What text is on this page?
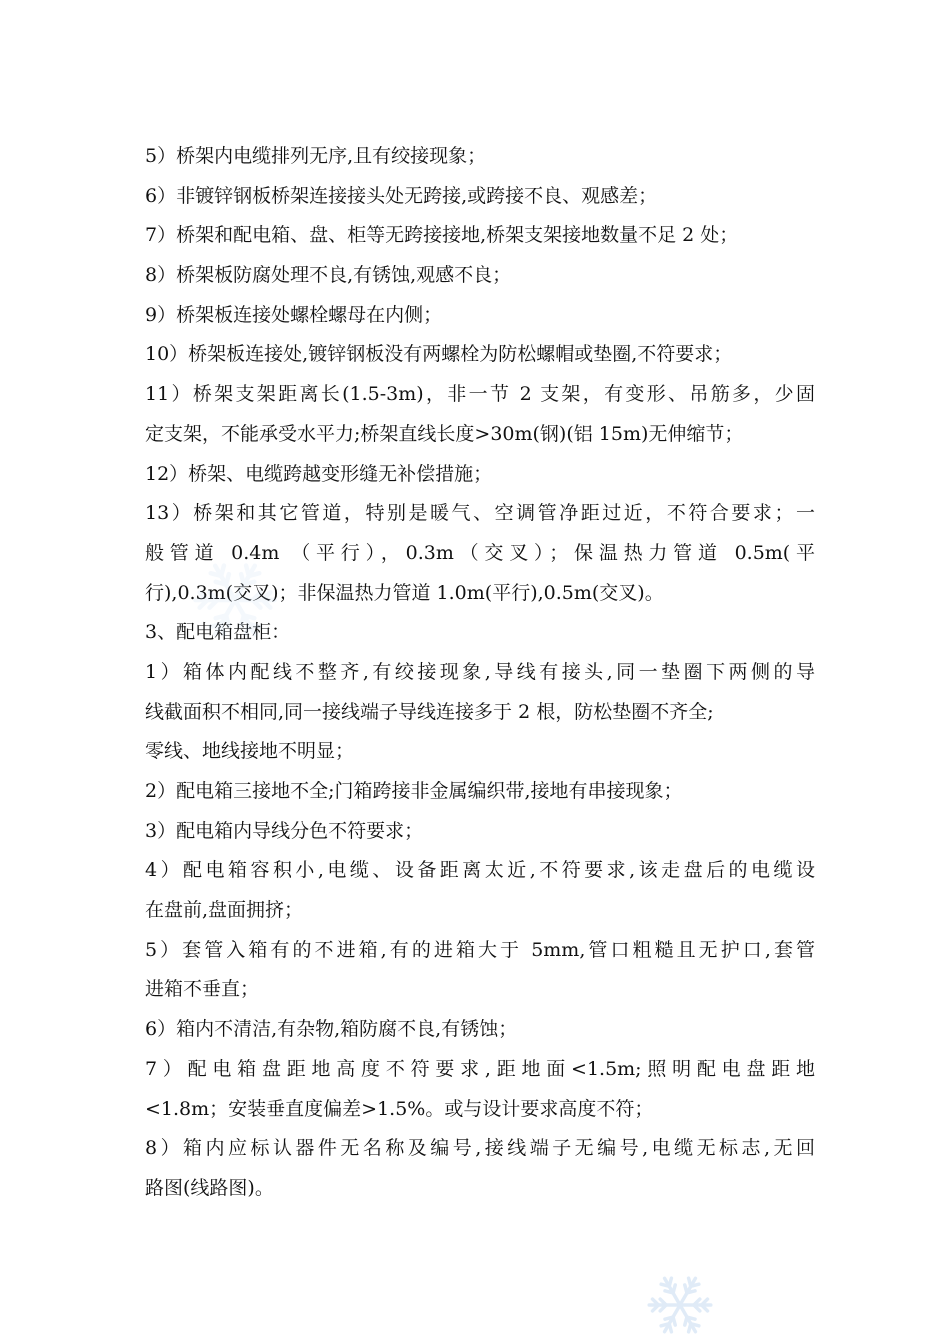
5）桥架内电缆排列无序,且有绞接现象；
6）非镀锌钢板桥架连接接头处无跨接,或跨接不良、观感差；
7）桥架和配电箱、盘、柜等无跨接接地,桥架支架接地数量不足 2 处；
8）桥架板防腐处理不良,有锈蚀,观感不良；
9）桥架板连接处螺栓螺母在内侧；
10）桥架板连接处,镀锌钢板没有两螺栓为防松螺帽或垫圈,不符要求；
11）桥架支架距离长(1.5-3m)，非一节 2 支架，有变形、吊筋多，少固
定支架，不能承受水平力;桥架直线长度>30m(钢)(铝 15m)无伸缩节；
12）桥架、电缆跨越变形缝无补偿措施；
13）桥架和其它管道，特别是暖气、空调管净距过近，不符合要求；一
般管道 0.4m （平行），0.3m（交叉）；保温热力管道 0.5m(平
行),0.3m(交叉)；非保温热力管道 1.0m(平行),0.5m(交叉)。
3、配电箱盘柜：
1）箱体内配线不整齐,有绞接现象,导线有接头,同一垫圈下两侧的导
线截面积不相同,同一接线端子导线连接多于 2 根，防松垫圈不齐全;
零线、地线接地不明显；
2）配电箱三接地不全;门箱跨接非金属编织带,接地有串接现象；
3）配电箱内导线分色不符要求；
4）配电箱容积小,电缆、设备距离太近,不符要求,该走盘后的电缆设
在盘前,盘面拥挤；
5）套管入箱有的不进箱,有的进箱大于 5mm,管口粗糙且无护口,套管
进箱不垂直；
6）箱内不清洁,有杂物,箱防腐不良,有锈蚀；
7）配电箱盘距地高度不符要求,距地面<1.5m;照明配电盘距地
<1.8m；安装垂直度偏差>1.5%。或与设计要求高度不符；
8）箱内应标认器件无名称及编号,接线端子无编号,电缆无标志,无回
路图(线路图)。
